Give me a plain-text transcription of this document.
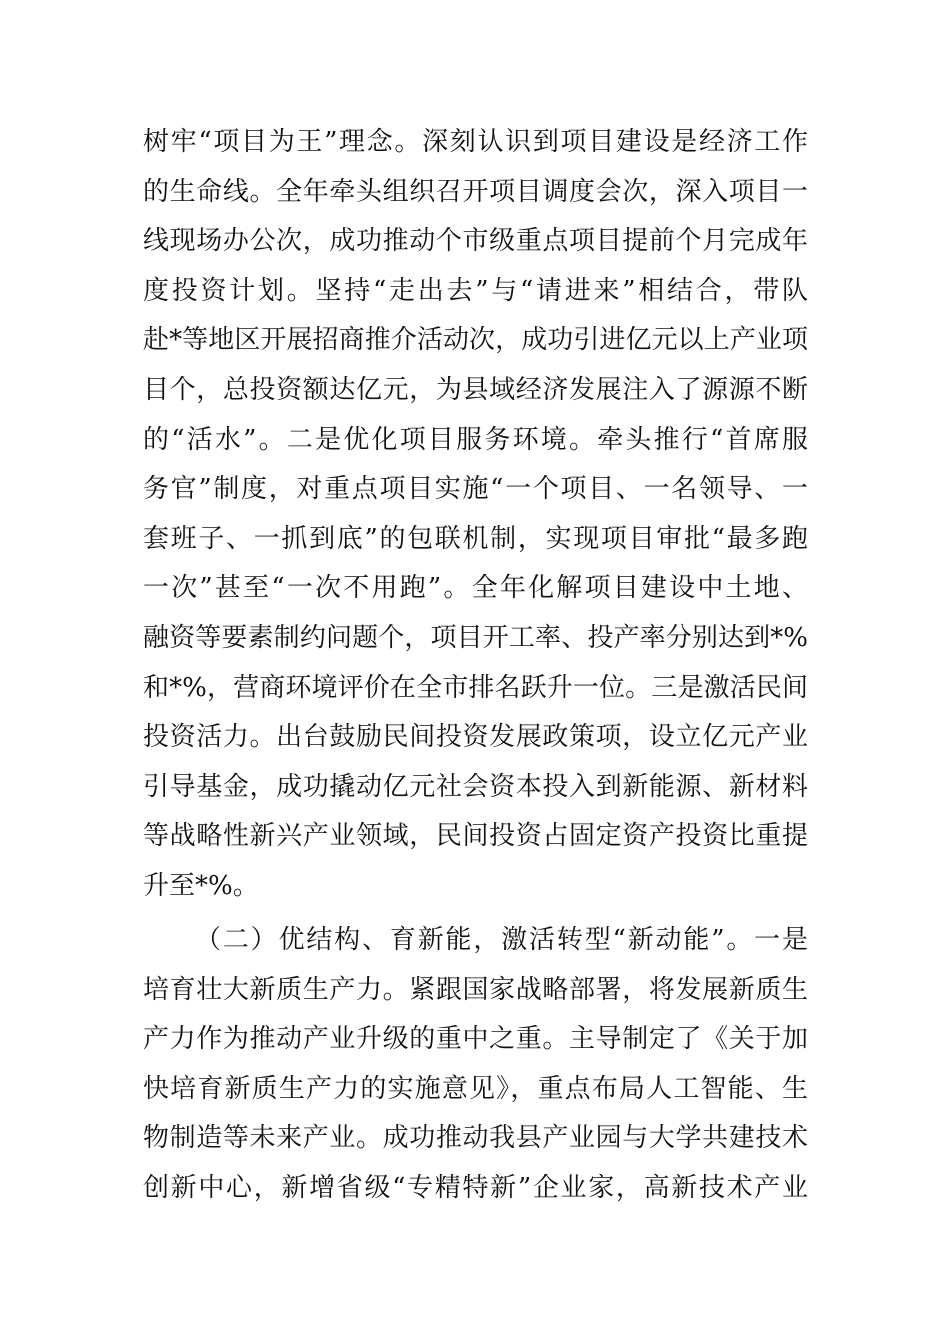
树牢“项目为王”理念。深刻认识到项目建设是经济工作
的生命线。全年牵头组织召开项目调度会次，深入项目一
线现场办公次，成功推动个市级重点项目提前个月完成年
度投资计划。坚持“走出去”与“请进来”相结合，带队
赴*等地区开展招商推介活动次，成功引进亿元以上产业项
目个，总投资额达亿元，为县域经济发展注入了源源不断
的“活水”。二是优化项目服务环境。牵头推行“首席服
务官”制度，对重点项目实施“一个项目、一名领导、一
套班子、一抓到底”的包联机制，实现项目审批“最多跑
一次”甚至“一次不用跑”。全年化解项目建设中土地、
融资等要素制约问题个，项目开工率、投产率分别达到*%
和*%，营商环境评价在全市排名跃升一位。三是激活民间
投资活力。出台鼓励民间投资发展政策项，设立亿元产业
引导基金，成功撬动亿元社会资本投入到新能源、新材料
等战略性新兴产业领域，民间投资占固定资产投资比重提
升至*%。
（二）优结构、育新能，激活转型“新动能”。一是
培育壮大新质生产力。紧跟国家战略部署，将发展新质生
产力作为推动产业升级的重中之重。主导制定了《关于加
快培育新质生产力的实施意见》，重点布局人工智能、生
物制造等未来产业。成功推动我县产业园与大学共建技术
创新中心，新增省级“专精特新”企业家，高新技术产业
